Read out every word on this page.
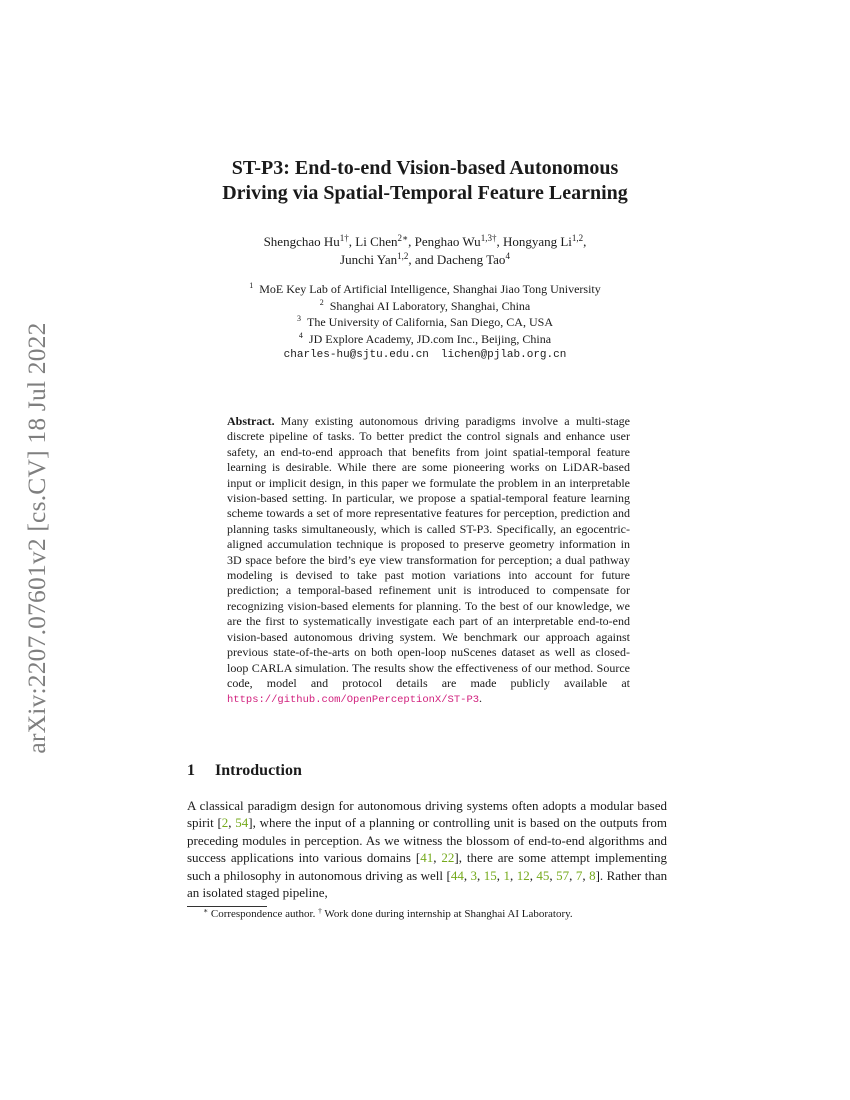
arXiv:2207.07601v2 [cs.CV] 18 Jul 2022
ST-P3: End-to-end Vision-based Autonomous
Driving via Spatial-Temporal Feature Learning
Shengchao $Hu^{1\dagger}$, Li Chen$^{2∗}$, Penghao $Wu^{1,3\dagger}$, Hongyang Li$^{1,2}$,
Junchi Yan$^{1,2}$, and Dacheng Tao$^4$
$^1$ MoE Key Lab of Artificial Intelligence, Shanghai Jiao Tong University
$^2$ Shanghai AI Laboratory, Shanghai, China
$^3$ The University of California, San Diego, CA, USA
$^4$ JD Explore Academy, JD.com Inc., Beijing, China
charles-hu@sjtu.edu.cn lichen@pjlab.org.cn

Abstract. Many existing autonomous driving paradigms involve a multi-stage discrete pipeline of tasks. To better predict the control signals and enhance user safety, an end-to-end approach that benefits from joint spatial-temporal feature learning is desirable. While there are some pioneering works on LiDAR-based input or implicit design, in this paper we formulate the problem in an interpretable vision-based setting. In particular, we propose a spatial-temporal feature learning scheme towards a set of more representative features for perception, prediction and planning tasks simultaneously, which is called ST-P3. Specifically, an egocentric-aligned accumulation technique is proposed to preserve geometry information in 3D space before the bird’s eye view transformation for perception; a dual pathway modeling is devised to take past motion variations into account for future prediction; a temporal-based refinement unit is introduced to compensate for recognizing vision-based elements for planning. To the best of our knowledge, we are the first to systematically investigate each part of an interpretable end-to-end vision-based autonomous driving system. We benchmark our approach against previous state-of-the-arts on both open-loop nuScenes dataset as well as closed-loop CARLA simulation. The results show the effectiveness of our method. Source code, model and protocol details are made publicly available at https://github.com/OpenPerceptionX/ST-P3.

1 Introduction

A classical paradigm design for autonomous driving systems often adopts a modular based spirit [2, 54], where the input of a planning or controlling unit is based on the outputs from preceding modules in perception. As we witness the blossom of end-to-end algorithms and success applications into various domains [41, 22], there are some attempt implementing such a philosophy in autonomous driving as well [44, 3, 15, 1, 12, 45, 57, 7, 8]. Rather than an isolated staged pipeline,

∗ Correspondence author. † Work done during internship at Shanghai AI Laboratory.
